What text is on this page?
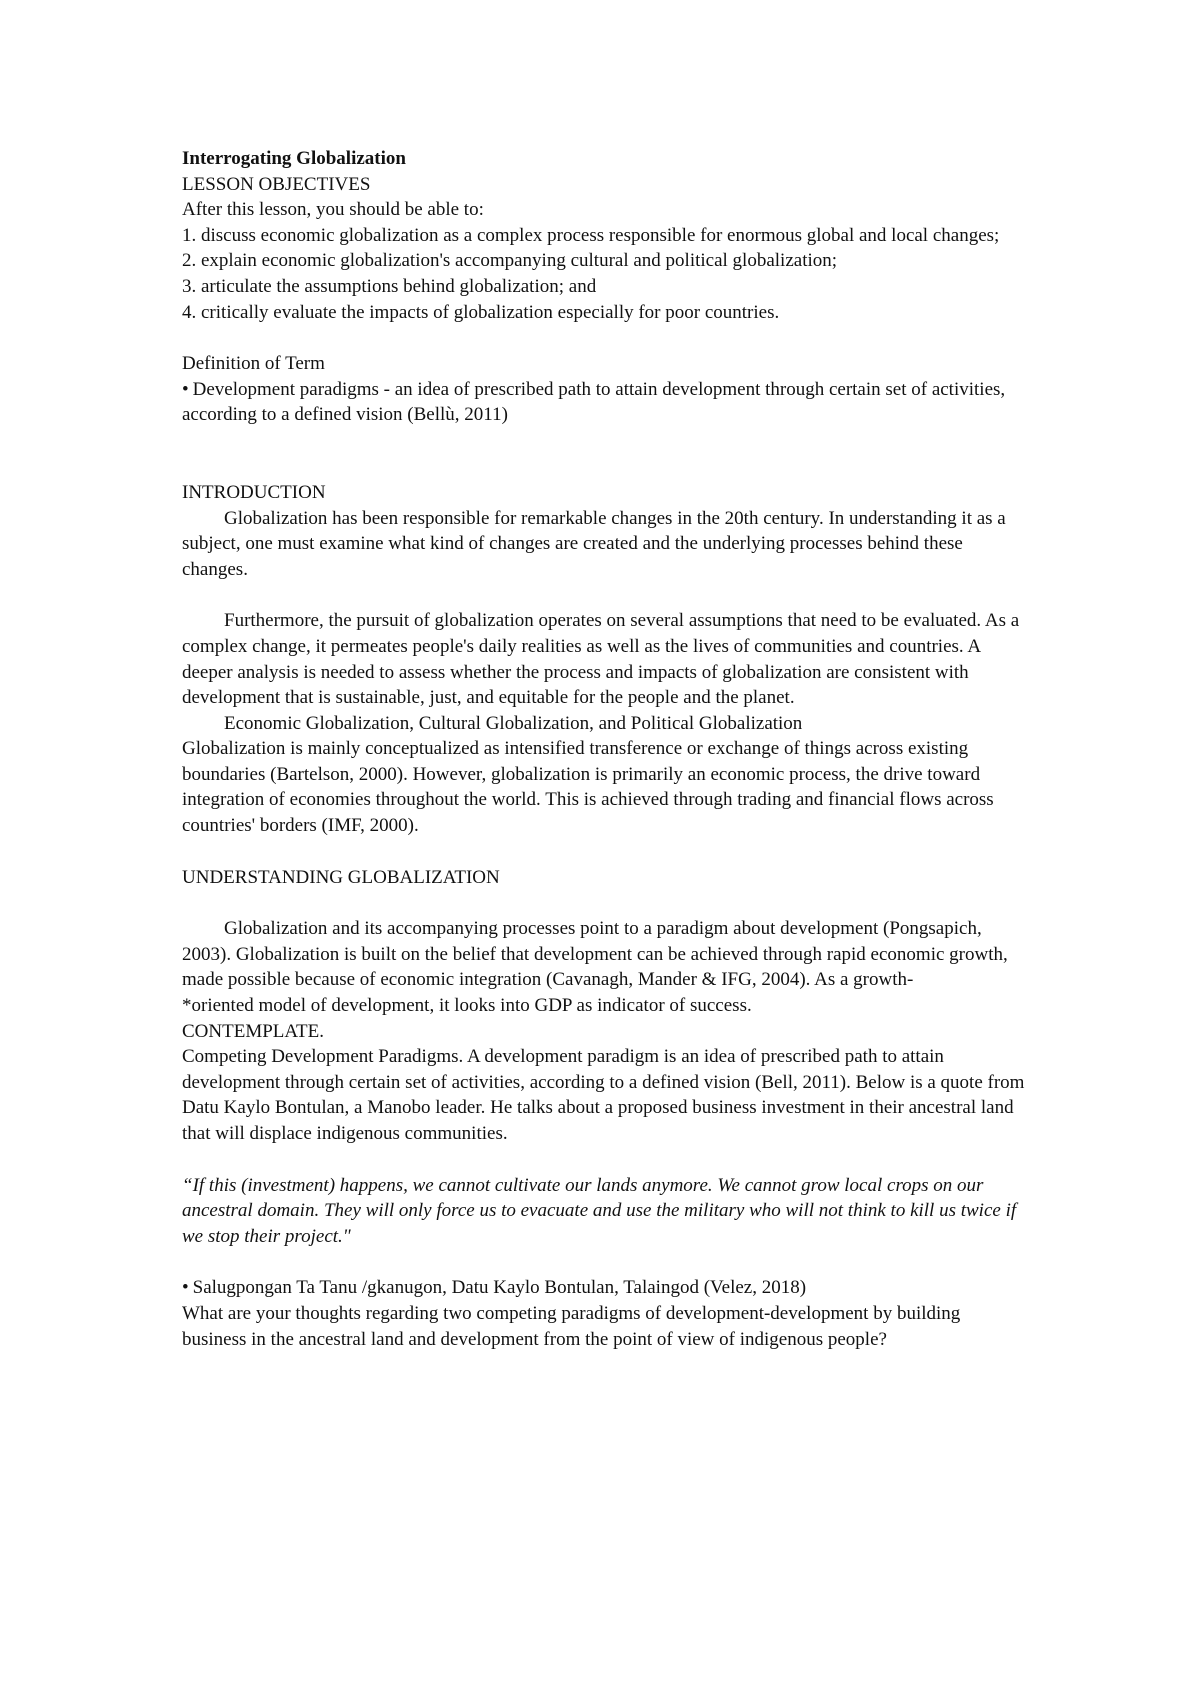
Interrogating Globalization

LESSON OBJECTIVES

After this lesson, you should be able to:

1. discuss economic globalization as a complex process responsible for enormous global and local changes;

2. explain economic globalization's accompanying cultural and political globalization;

3. articulate the assumptions behind globalization; and

4. critically evaluate the impacts of globalization especially for poor countries.

Definition of Term

• Development paradigms - an idea of prescribed path to attain development through certain set of activities, according to a defined vision (Bellù, 2011)

INTRODUCTION

Globalization has been responsible for remarkable changes in the 20th century. In understanding it as a subject, one must examine what kind of changes are created and the underlying processes behind these changes.

Furthermore, the pursuit of globalization operates on several assumptions that need to be evaluated. As a complex change, it permeates people's daily realities as well as the lives of communities and countries. A deeper analysis is needed to assess whether the process and impacts of globalization are consistent with development that is sustainable, just, and equitable for the people and the planet.

Economic Globalization, Cultural Globalization, and Political Globalization

Globalization is mainly conceptualized as intensified transference or exchange of things across existing boundaries (Bartelson, 2000). However, globalization is primarily an economic process, the drive toward integration of economies throughout the world. This is achieved through trading and financial flows across countries' borders (IMF, 2000).

UNDERSTANDING GLOBALIZATION

Globalization and its accompanying processes point to a paradigm about development (Pongsapich, 2003). Globalization is built on the belief that development can be achieved through rapid economic growth, made possible because of economic integration (Cavanagh, Mander & IFG, 2004). As a growth-

*oriented model of development, it looks into GDP as indicator of success.

CONTEMPLATE.

Competing Development Paradigms. A development paradigm is an idea of prescribed path to attain development through certain set of activities, according to a defined vision (Bell, 2011). Below is a quote from Datu Kaylo Bontulan, a Manobo leader. He talks about a proposed business investment in their ancestral land that will displace indigenous communities.

“If this (investment) happens, we cannot cultivate our lands anymore. We cannot grow local crops on our ancestral domain. They will only force us to evacuate and use the military who will not think to kill us twice if we stop their project."

• Salugpongan Ta Tanu /gkanugon, Datu Kaylo Bontulan, Talaingod (Velez, 2018)

What are your thoughts regarding two competing paradigms of development-development by building business in the ancestral land and development from the point of view of indigenous people?
